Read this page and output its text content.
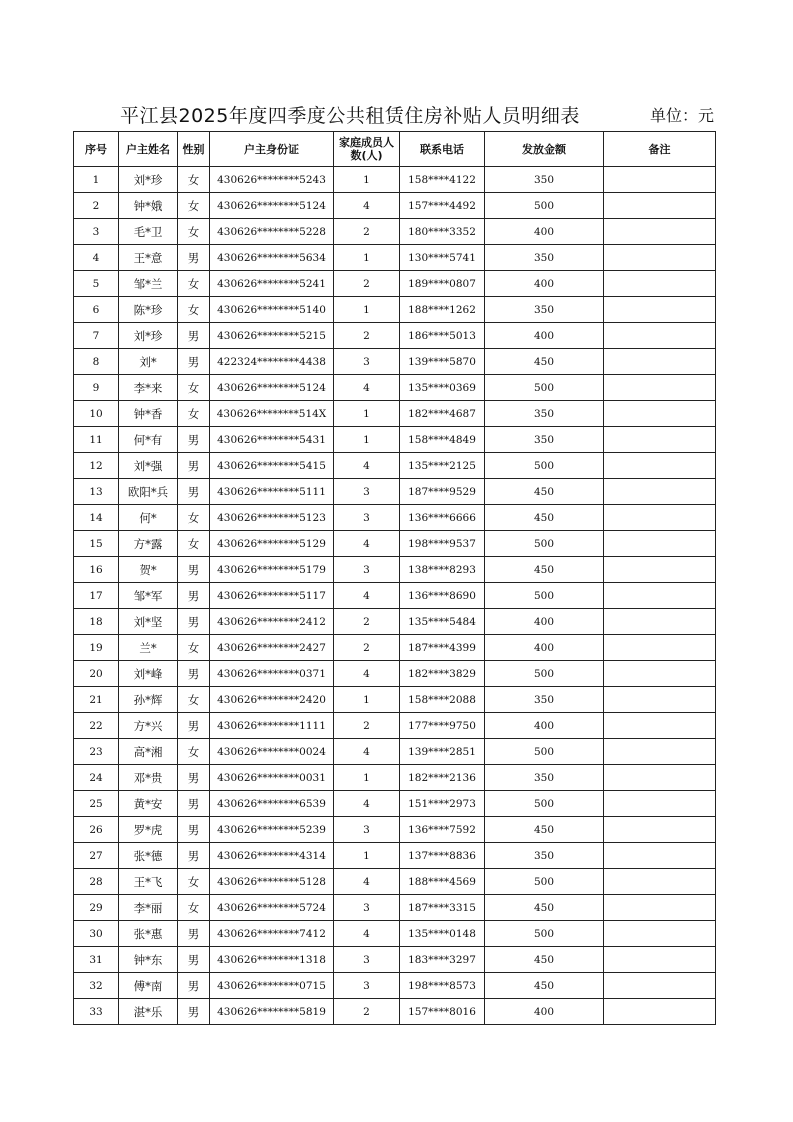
平江县2025年度四季度公共租赁住房补贴人员明细表	单位：元
序号	户主姓名	性别	户主身份证	家庭成员人数(人)	联系电话	发放金额	备注
1	刘*珍	女	430626********5243	1	158****4122	350	
2	钟*娥	女	430626********5124	4	157****4492	500	
3	毛*卫	女	430626********5228	2	180****3352	400	
4	王*意	男	430626********5634	1	130****5741	350	
5	邹*兰	女	430626********5241	2	189****0807	400	
6	陈*珍	女	430626********5140	1	188****1262	350	
7	刘*珍	男	430626********5215	2	186****5013	400	
8	刘*	男	422324********4438	3	139****5870	450	
9	李*来	女	430626********5124	4	135****0369	500	
10	钟*香	女	430626********514X	1	182****4687	350	
11	何*有	男	430626********5431	1	158****4849	350	
12	刘*强	男	430626********5415	4	135****2125	500	
13	欧阳*兵	男	430626********5111	3	187****9529	450	
14	何*	女	430626********5123	3	136****6666	450	
15	方*露	女	430626********5129	4	198****9537	500	
16	贺*	男	430626********5179	3	138****8293	450	
17	邹*军	男	430626********5117	4	136****8690	500	
18	刘*坚	男	430626********2412	2	135****5484	400	
19	兰*	女	430626********2427	2	187****4399	400	
20	刘*峰	男	430626********0371	4	182****3829	500	
21	孙*辉	女	430626********2420	1	158****2088	350	
22	方*兴	男	430626********1111	2	177****9750	400	
23	高*湘	女	430626********0024	4	139****2851	500	
24	邓*贵	男	430626********0031	1	182****2136	350	
25	黄*安	男	430626********6539	4	151****2973	500	
26	罗*虎	男	430626********5239	3	136****7592	450	
27	张*德	男	430626********4314	1	137****8836	350	
28	王*飞	女	430626********5128	4	188****4569	500	
29	李*丽	女	430626********5724	3	187****3315	450	
30	张*惠	男	430626********7412	4	135****0148	500	
31	钟*东	男	430626********1318	3	183****3297	450	
32	傅*南	男	430626********0715	3	198****8573	450	
33	湛*乐	男	430626********5819	2	157****8016	400	
